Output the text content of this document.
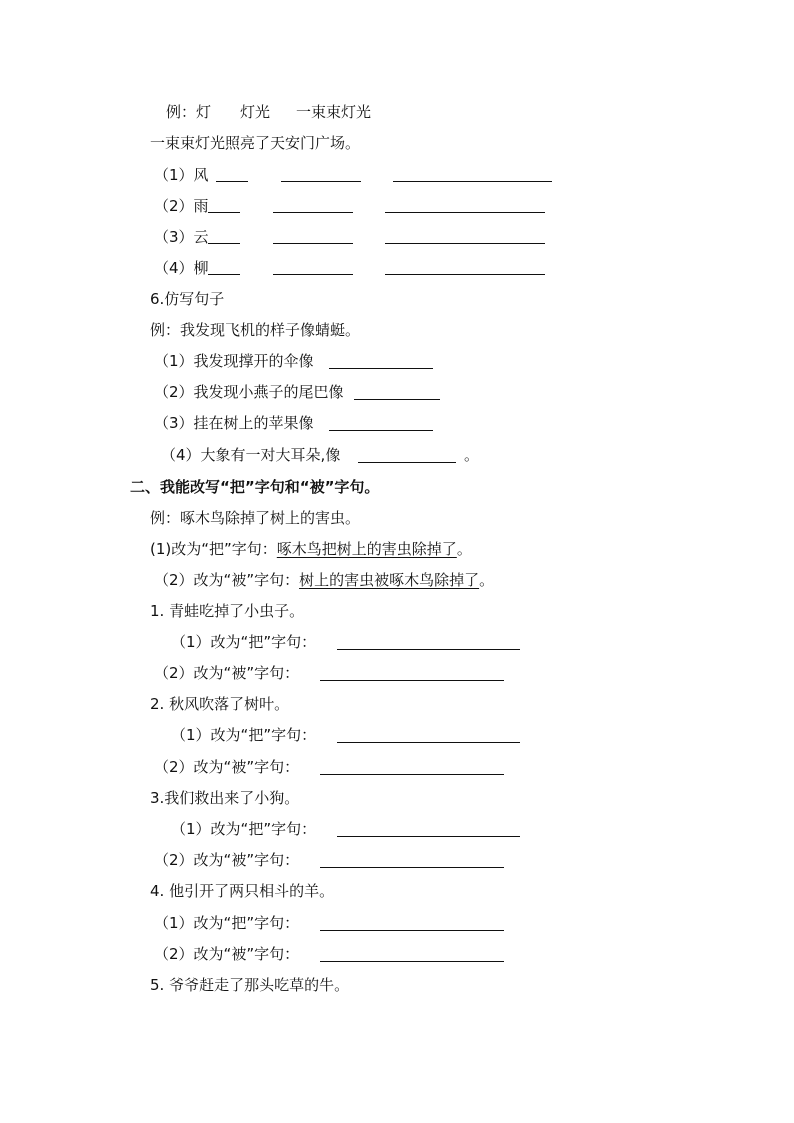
例：灯 灯光 一束束灯光
一束束灯光照亮了天安门广场。
（1）风
（2）雨
（3）云
（4）柳
6.仿写句子
例：我发现飞机的样子像蜻蜓。
（1）我发现撑开的伞像
（2）我发现小燕子的尾巴像
（3）挂在树上的苹果像
（4）大象有一对大耳朵,像	。
二、我能改写“把”字句和“被”字句。
例：啄木鸟除掉了树上的害虫。
(1)改为“把”字句：啄木鸟把树上的害虫除掉了。
（2）改为“被”字句：树上的害虫被啄木鸟除掉了。
1. 青蛙吃掉了小虫子。
（1）改为“把”字句：
（2）改为“被”字句：
2. 秋风吹落了树叶。
（1）改为“把”字句：
（2）改为“被”字句：
3.我们救出来了小狗。
（1）改为“把”字句：
（2）改为“被”字句：
4. 他引开了两只相斗的羊。
（1）改为“把”字句：
（2）改为“被”字句：
5. 爷爷赶走了那头吃草的牛。
